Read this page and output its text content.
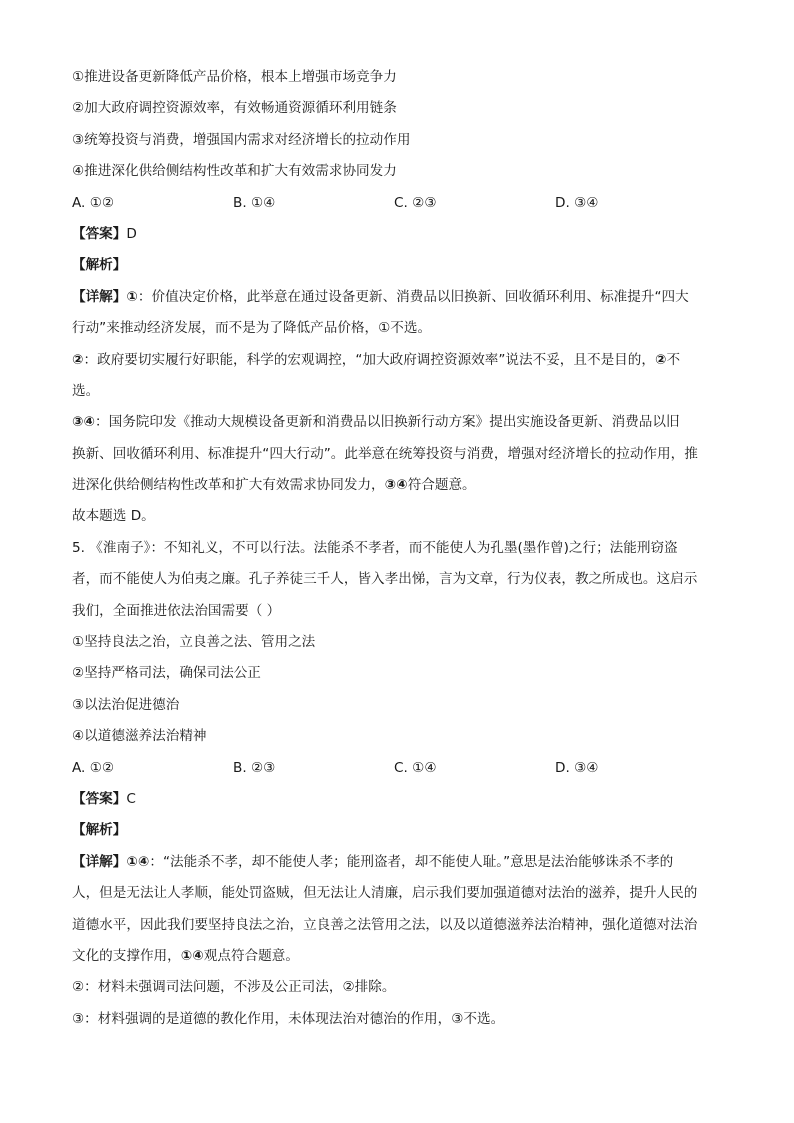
①推进设备更新降低产品价格，根本上增强市场竞争力
②加大政府调控资源效率，有效畅通资源循环利用链条
③统筹投资与消费，增强国内需求对经济增长的拉动作用
④推进深化供给侧结构性改革和扩大有效需求协同发力
A. ①②	B. ①④	C. ②③	D. ③④
【答案】D
【解析】
【详解】①：价值决定价格，此举意在通过设备更新、消费品以旧换新、回收循环利用、标准提升“四大
行动”来推动经济发展，而不是为了降低产品价格，①不选。
②：政府要切实履行好职能，科学的宏观调控，“加大政府调控资源效率”说法不妥，且不是目的，②不
选。
③④：国务院印发《推动大规模设备更新和消费品以旧换新行动方案》提出实施设备更新、消费品以旧
换新、回收循环利用、标准提升“四大行动”。此举意在统筹投资与消费，增强对经济增长的拉动作用，推
进深化供给侧结构性改革和扩大有效需求协同发力，③④符合题意。
故本题选 D。
5. 《淮南子》：不知礼义，不可以行法。法能杀不孝者，而不能使人为孔墨(墨作曾)之行；法能刑窃盗
者，而不能使人为伯夷之廉。孔子养徒三千人，皆入孝出悌，言为文章，行为仪表，教之所成也。这启示
我们，全面推进依法治国需要（ ）
①坚持良法之治，立良善之法、管用之法
②坚持严格司法，确保司法公正
③以法治促进德治
④以道德滋养法治精神
A. ①②	B. ②③	C. ①④	D. ③④
【答案】C
【解析】
【详解】①④：“法能杀不孝，却不能使人孝；能刑盗者，却不能使人耻。”意思是法治能够诛杀不孝的
人，但是无法让人孝顺，能处罚盗贼，但无法让人清廉，启示我们要加强道德对法治的滋养，提升人民的
道德水平，因此我们要坚持良法之治，立良善之法管用之法，以及以道德滋养法治精神，强化道德对法治
文化的支撑作用，①④观点符合题意。
②：材料未强调司法问题，不涉及公正司法，②排除。
③：材料强调的是道德的教化作用，未体现法治对德治的作用，③不选。
